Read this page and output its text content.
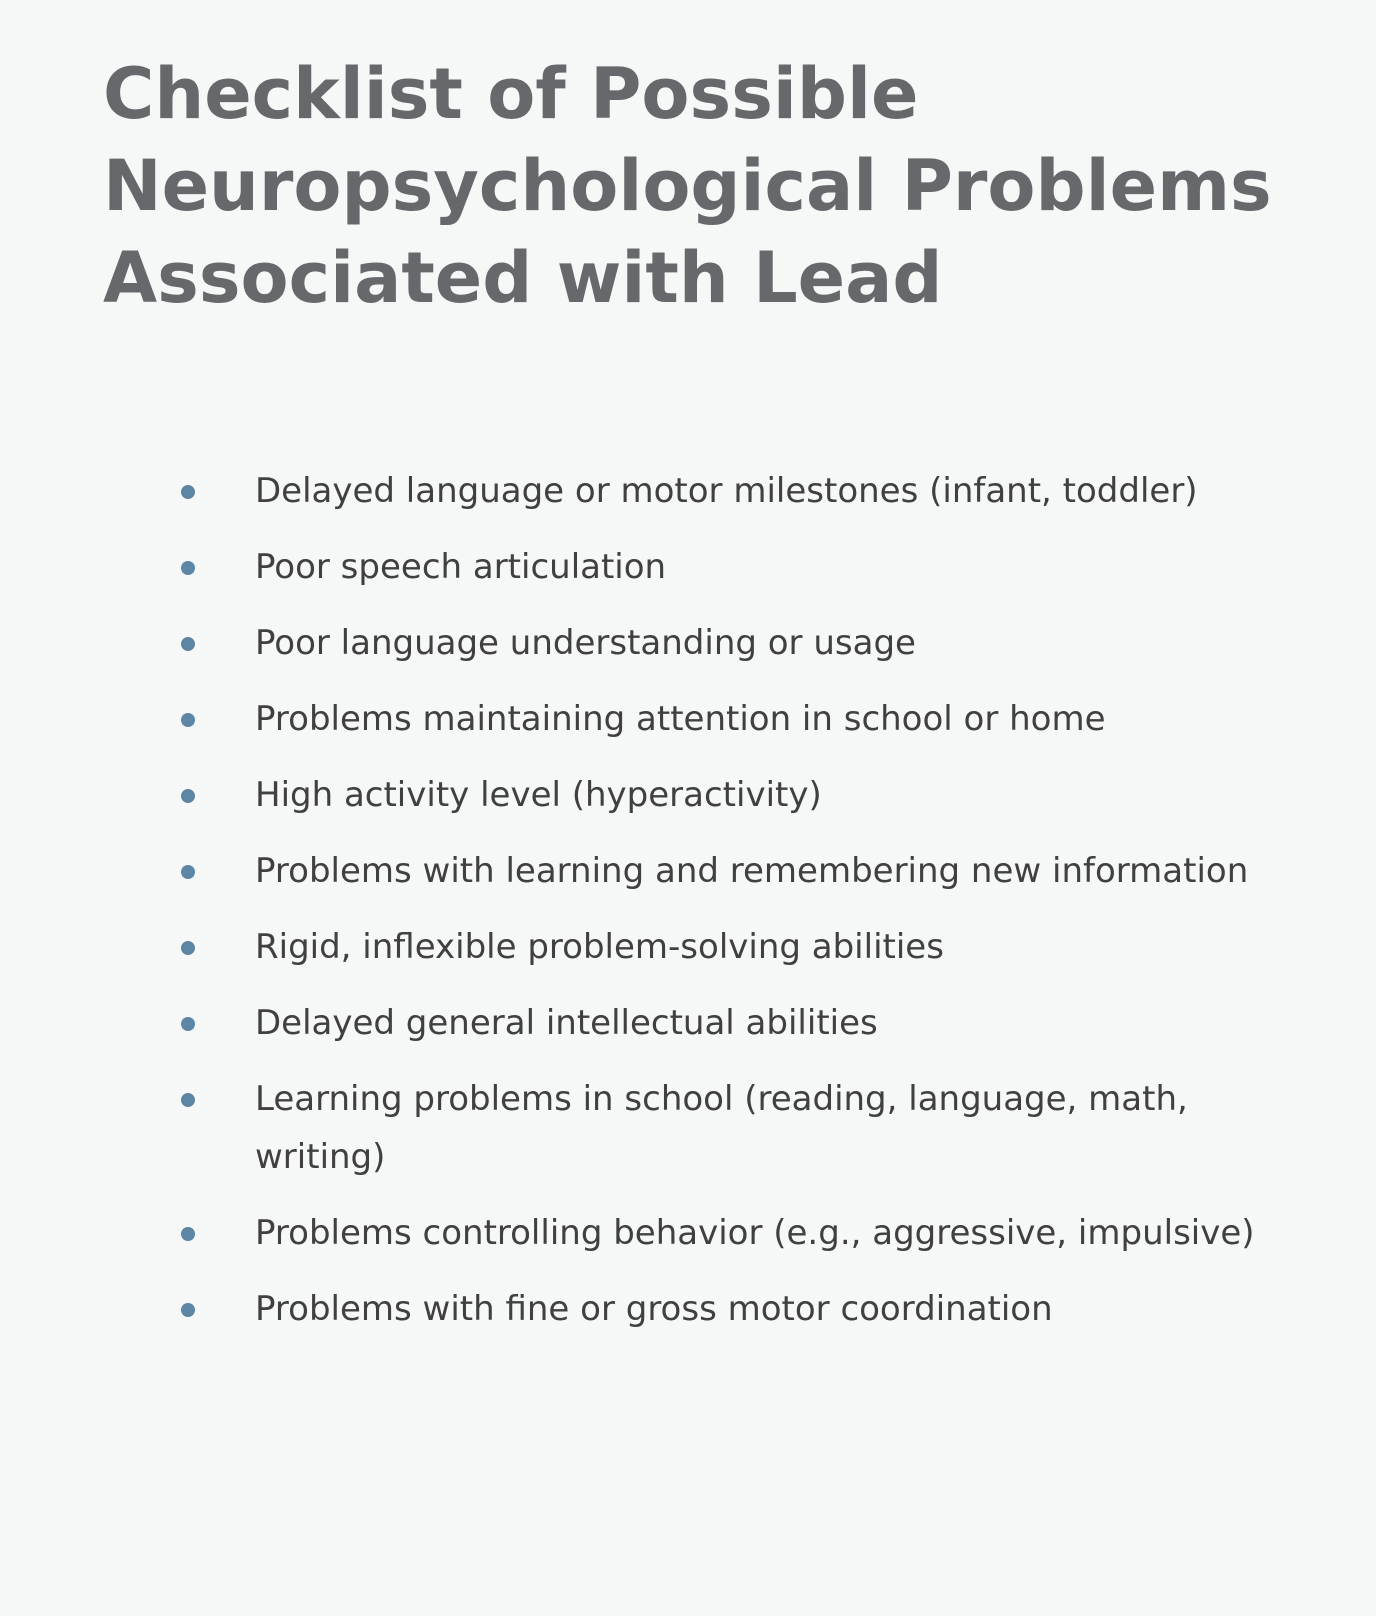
Checklist of Possible Neuropsychological Problems Associated with Lead
Delayed language or motor milestones (infant, toddler)
Poor speech articulation
Poor language understanding or usage
Problems maintaining attention in school or home
High activity level (hyperactivity)
Problems with learning and remembering new information
Rigid, inflexible problem-solving abilities
Delayed general intellectual abilities
Learning problems in school (reading, language, math, writing)
Problems controlling behavior (e.g., aggressive, impulsive)
Problems with fine or gross motor coordination
